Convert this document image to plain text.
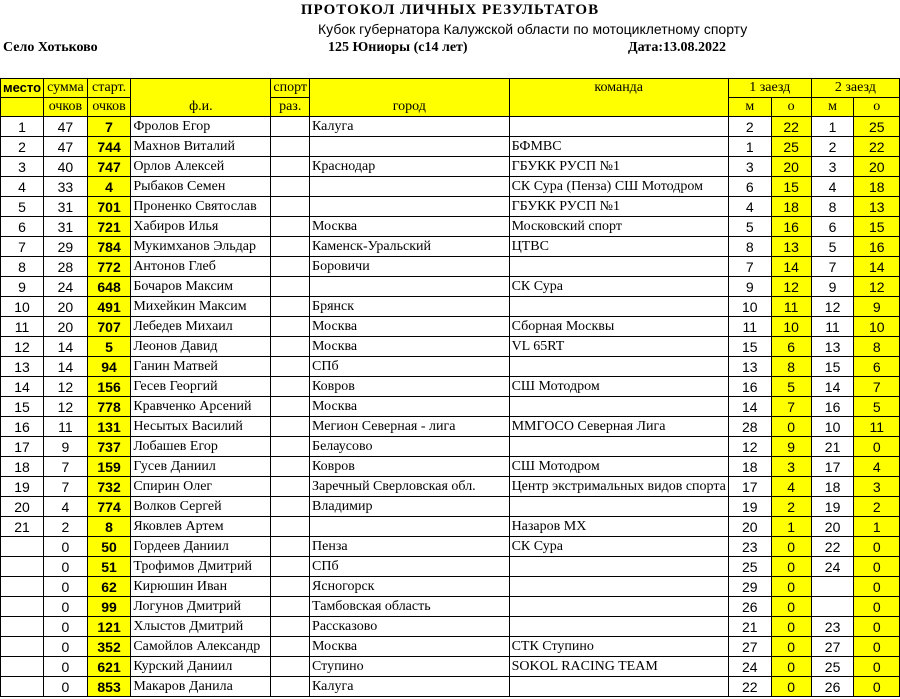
ПРОТОКОЛ ЛИЧНЫХ РЕЗУЛЬТАТОВ
Кубок губернатора Калужской области по мотоциклетному спорту
Село Хотьково	125 Юниоры (с14 лет)	Дата:13.08.2022
место	сумма	старт.	ф.и.	спорт	город	команда	1 заезд		2 заезд	
	очков	очков		раз.			м	о	м	о
1	47	7	Фролов Егор		Калуга		2	22	1	25
2	47	744	Махнов Виталий			БФМВС	1	25	2	22
3	40	747	Орлов Алексей		Краснодар	ГБУКК РУСП №1	3	20	3	20
4	33	4	Рыбаков Семен			СК Сура (Пенза) СШ Мотодром	6	15	4	18
5	31	701	Проненко Святослав			ГБУКК РУСП №1	4	18	8	13
6	31	721	Хабиров Илья		Москва	Московский спорт	5	16	6	15
7	29	784	Мукимханов Эльдар		Каменск-Уральский	ЦТВС	8	13	5	16
8	28	772	Антонов Глеб		Боровичи		7	14	7	14
9	24	648	Бочаров Максим			СК Сура	9	12	9	12
10	20	491	Михейкин Максим		Брянск		10	11	12	9
11	20	707	Лебедев Михаил		Москва	Сборная Москвы	11	10	11	10
12	14	5	Леонов Давид		Москва	VL 65RT	15	6	13	8
13	14	94	Ганин Матвей		СПб		13	8	15	6
14	12	156	Гесев Георгий		Ковров	СШ Мотодром	16	5	14	7
15	12	778	Кравченко Арсений		Москва		14	7	16	5
16	11	131	Несытых Василий		Мегион Северная - лига	ММГОСО Северная Лига	28	0	10	11
17	9	737	Лобашев Егор		Белаусово		12	9	21	0
18	7	159	Гусев Даниил		Ковров	СШ Мотодром	18	3	17	4
19	7	732	Спирин Олег		Заречный Сверловская обл.	Центр экстримальных видов спорта	17	4	18	3
20	4	774	Волков Сергей		Владимир		19	2	19	2
21	2	8	Яковлев Артем			Назаров МХ	20	1	20	1
	0	50	Гордеев Даниил		Пенза	СК Сура	23	0	22	0
	0	51	Трофимов Дмитрий		СПб		25	0	24	0
	0	62	Кирюшин Иван		Ясногорск		29	0		0
	0	99	Логунов Дмитрий		Тамбовская область		26	0		0
	0	121	Хлыстов Дмитрий		Рассказово		21	0	23	0
	0	352	Самойлов Александр		Москва	СТК Ступино	27	0	27	0
	0	621	Курский Даниил		Ступино	SOKOL RACING TEAM	24	0	25	0
	0	853	Макаров Данила		Калуга		22	0	26	0
